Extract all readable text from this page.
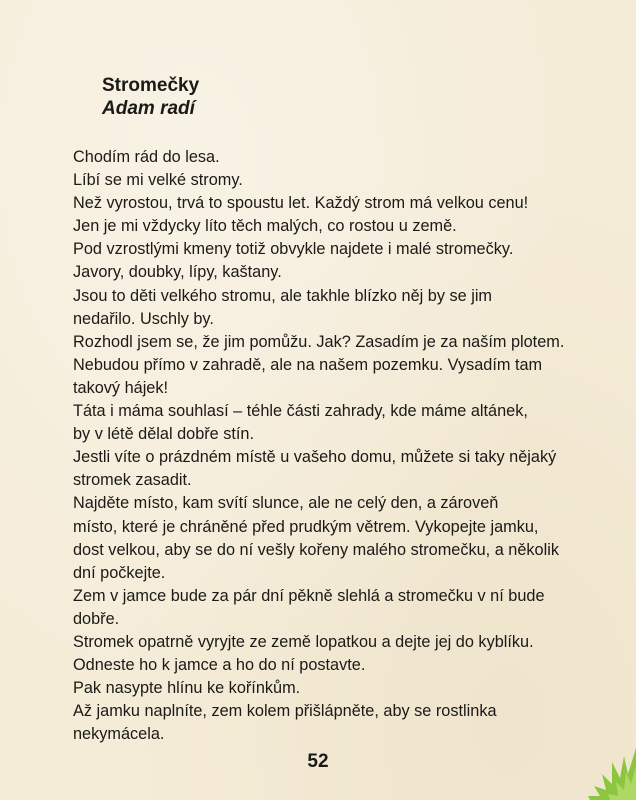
Stromečky
Adam radí
Chodím rád do lesa.
Líbí se mi velké stromy.
Než vyrostou, trvá to spoustu let. Každý strom má velkou cenu!
Jen je mi vždycky líto těch malých, co rostou u země.
Pod vzrostlými kmeny totiž obvykle najdete i malé stromečky.
Javory, doubky, lípy, kaštany.
Jsou to děti velkého stromu, ale takhle blízko něj by se jim
nedařilo. Uschly by.
Rozhodl jsem se, že jim pomůžu. Jak? Zasadím je za naším plotem.
Nebudou přímo v zahradě, ale na našem pozemku. Vysadím tam
takový hájek!
Táta i máma souhlasí – téhle části zahrady, kde máme altánek,
by v létě dělal dobře stín.
Jestli víte o prázdném místě u vašeho domu, můžete si taky nějaký
stromek zasadit.
Najděte místo, kam svítí slunce, ale ne celý den, a zároveň
místo, které je chráněné před prudkým větrem. Vykopejte jamku,
dost velkou, aby se do ní vešly kořeny malého stromečku, a několik
dní počkejte.
Zem v jamce bude za pár dní pěkně slehlá a stromečku v ní bude
dobře.
Stromek opatrně vyryjte ze země lopatkou a dejte jej do kyblíku.
Odneste ho k jamce a ho do ní postavte.
Pak nasypte hlínu ke kořínkům.
Až jamku naplníte, zem kolem přišlápněte, aby se rostlinka
nekymácela.
52
